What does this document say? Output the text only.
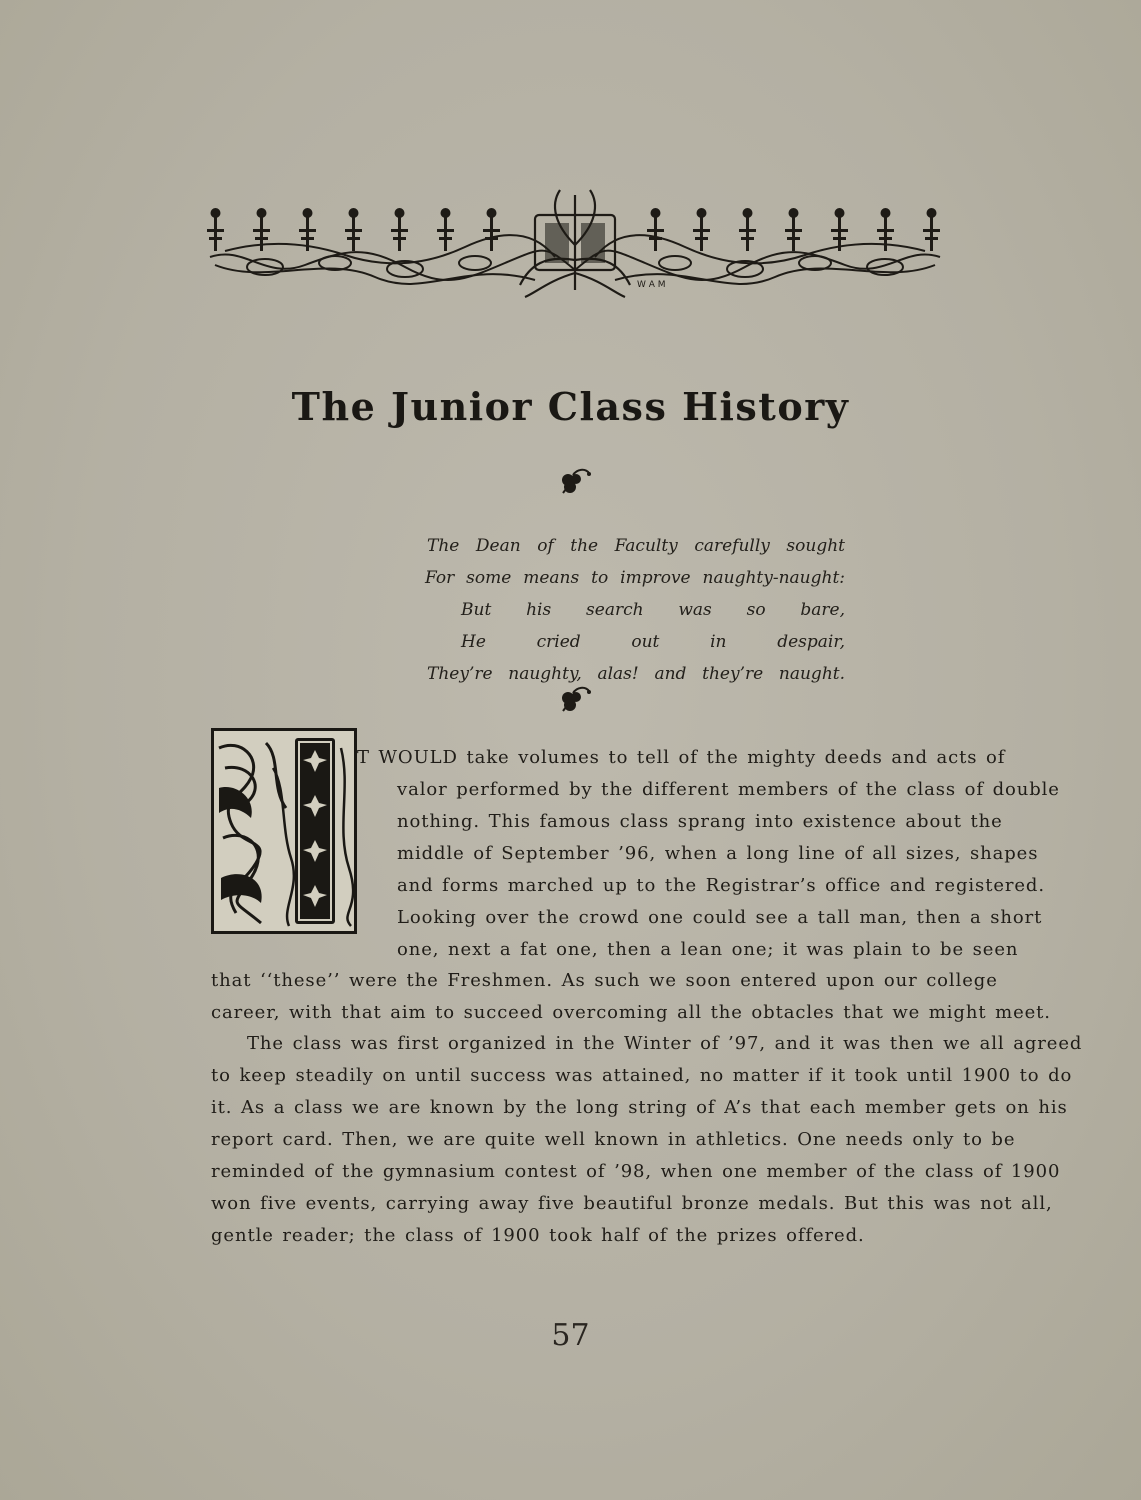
W A M
The Junior Class History
The Dean of the Faculty carefully sought
For some means to improve naughty-naught:
But his search was so bare,
He cried out in despair,
They’re naughty, alas! and they’re naught.
T WOULD take volumes to tell of the mighty deeds and acts of
valor performed by the different members of the class of double
nothing. This famous class sprang into existence about the
middle of September ’96, when a long line of all sizes, shapes
and forms marched up to the Registrar’s office and registered.
Looking over the crowd one could see a tall man, then a short
one, next a fat one, then a lean one; it was plain to be seen
that ‘‘these’’ were the Freshmen. As such we soon entered upon our college
career, with that aim to succeed overcoming all the obtacles that we might meet.
The class was first organized in the Winter of ’97, and it was then we all agreed
to keep steadily on until success was attained, no matter if it took until 1900 to do
it. As a class we are known by the long string of A’s that each member gets on his
report card. Then, we are quite well known in athletics. One needs only to be
reminded of the gymnasium contest of ’98, when one member of the class of 1900
won five events, carrying away five beautiful bronze medals. But this was not all,
gentle reader; the class of 1900 took half of the prizes offered.
57
